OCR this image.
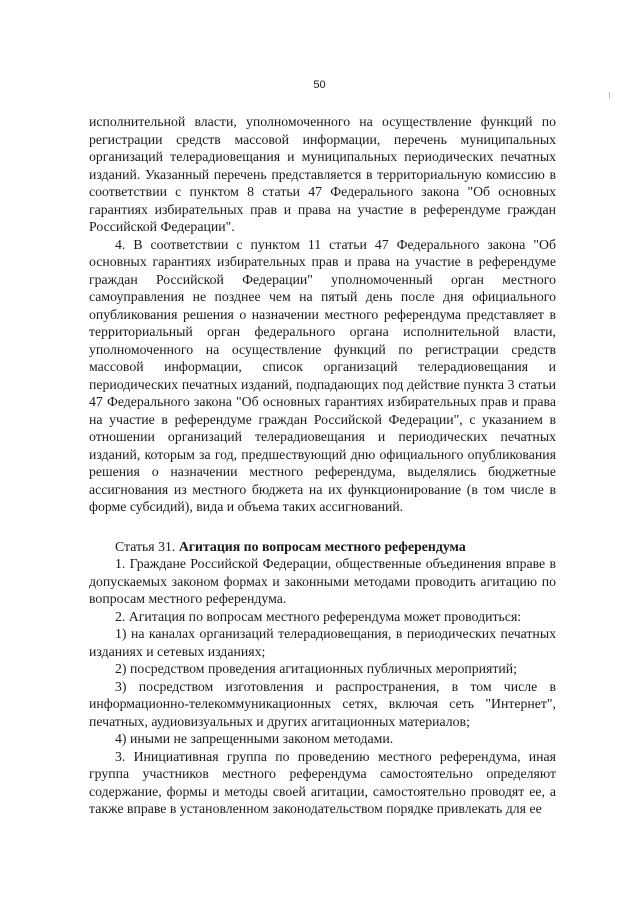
50

исполнительной власти, уполномоченного на осуществление функций по регистрации средств массовой информации, перечень муниципальных организаций телерадиовещания и муниципальных периодических печатных изданий. Указанный перечень представляется в территориальную комиссию в соответствии с пунктом 8 статьи 47 Федерального закона "Об основных гарантиях избирательных прав и права на участие в референдуме граждан Российской Федерации".

4. В соответствии с пунктом 11 статьи 47 Федерального закона "Об основных гарантиях избирательных прав и права на участие в референдуме граждан Российской Федерации" уполномоченный орган местного самоуправления не позднее чем на пятый день после дня официального опубликования решения о назначении местного референдума представляет в территориальный орган федерального органа исполнительной власти, уполномоченного на осуществление функций по регистрации средств массовой информации, список организаций телерадиовещания и периодических печатных изданий, подпадающих под действие пункта 3 статьи 47 Федерального закона "Об основных гарантиях избирательных прав и права на участие в референдуме граждан Российской Федерации", с указанием в отношении организаций телерадиовещания и периодических печатных изданий, которым за год, предшествующий дню официального опубликования решения о назначении местного референдума, выделялись бюджетные ассигнования из местного бюджета на их функционирование (в том числе в форме субсидий), вида и объема таких ассигнований.

Статья 31. Агитация по вопросам местного референдума

1. Граждане Российской Федерации, общественные объединения вправе в допускаемых законом формах и законными методами проводить агитацию по вопросам местного референдума.

2. Агитация по вопросам местного референдума может проводиться:

1) на каналах организаций телерадиовещания, в периодических печатных изданиях и сетевых изданиях;

2) посредством проведения агитационных публичных мероприятий;

3) посредством изготовления и распространения, в том числе в информационно-телекоммуникационных сетях, включая сеть "Интернет", печатных, аудиовизуальных и других агитационных материалов;

4) иными не запрещенными законом методами.

3. Инициативная группа по проведению местного референдума, иная группа участников местного референдума самостоятельно определяют содержание, формы и методы своей агитации, самостоятельно проводят ее, а также вправе в установленном законодательством порядке привлекать для ее
